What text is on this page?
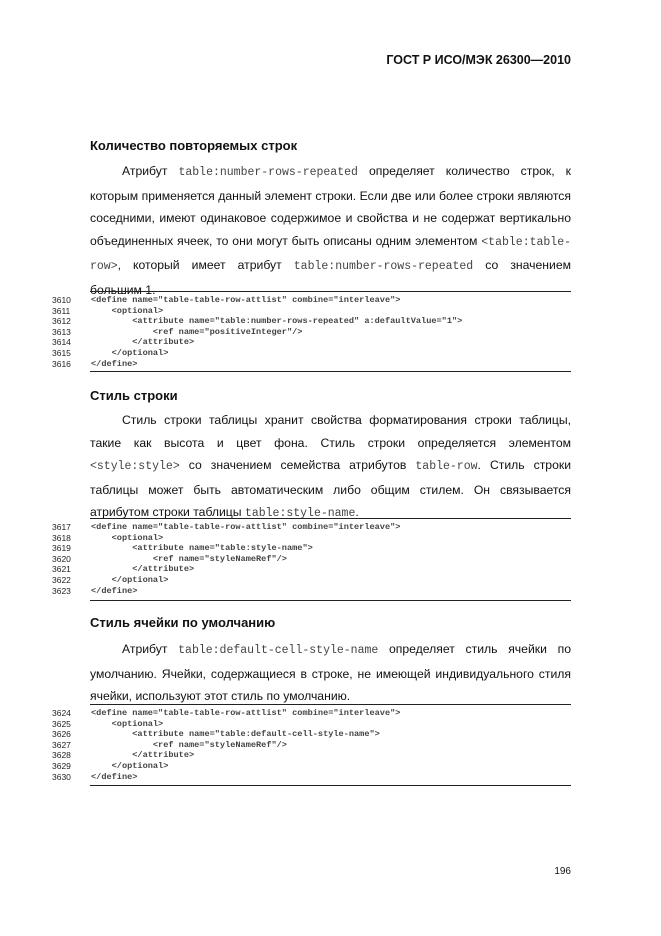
ГОСТ Р ИСО/МЭК 26300—2010
Количество повторяемых строк
Атрибут table:number-rows-repeated определяет количество строк, к которым применяется данный элемент строки. Если две или более строки являются соседними, имеют одинаковое содержимое и свойства и не содержат вертикально объединенных ячеек, то они могут быть описаны одним элементом <table:table-row>, который имеет атрибут table:number-rows-repeated со значением большим 1.
3610	<define name="table-table-row-attlist" combine="interleave">
3611	<optional>
3612	<attribute name="table:number-rows-repeated" a:defaultValue="1">
3613	<ref name="positiveInteger"/>
3614	</attribute>
3615	</optional>
3616	</define>
Стиль строки
Стиль строки таблицы хранит свойства форматирования строки таблицы, такие как высота и цвет фона. Стиль строки определяется элементом <style:style> со значением семейства атрибутов table-row. Стиль строки таблицы может быть автоматическим либо общим стилем. Он связывается атрибутом строки таблицы table:style-name.
3617	<define name="table-table-row-attlist" combine="interleave">
3618	<optional>
3619	<attribute name="table:style-name">
3620	<ref name="styleNameRef"/>
3621	</attribute>
3622	</optional>
3623	</define>
Стиль ячейки по умолчанию
Атрибут table:default-cell-style-name определяет стиль ячейки по умолчанию. Ячейки, содержащиеся в строке, не имеющей индивидуального стиля ячейки, используют этот стиль по умолчанию.
3624	<define name="table-table-row-attlist" combine="interleave">
3625	<optional>
3626	<attribute name="table:default-cell-style-name">
3627	<ref name="styleNameRef"/>
3628	</attribute>
3629	</optional>
3630	</define>
196
